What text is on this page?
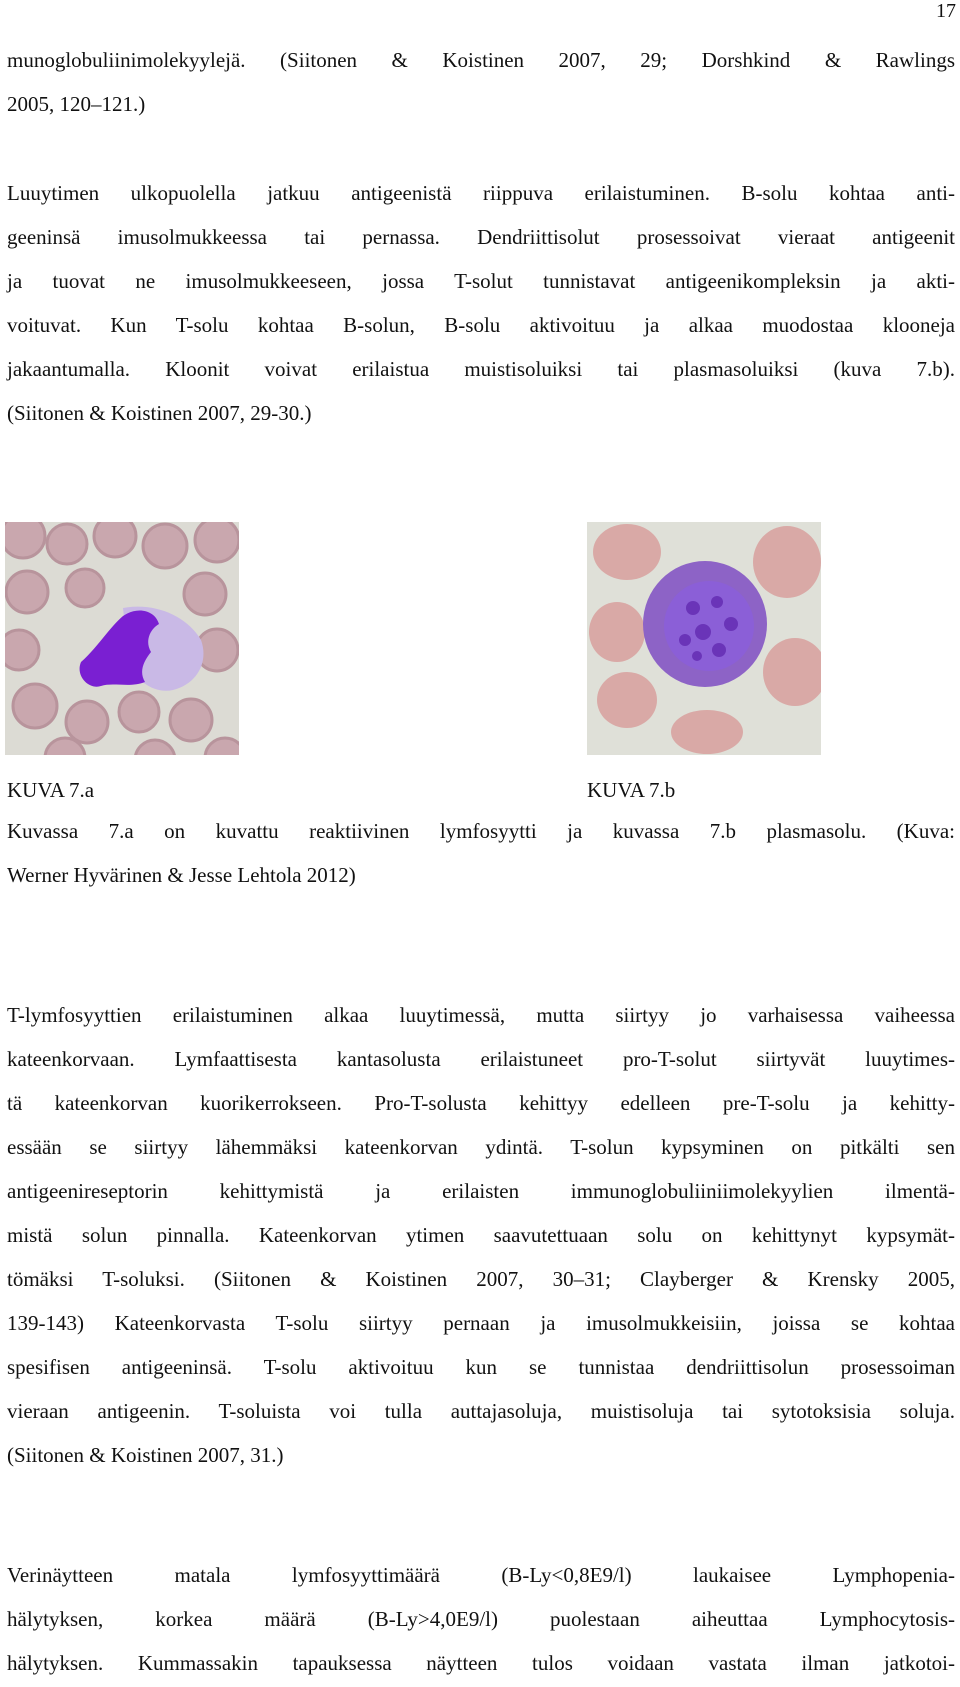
17
munoglobuliinimolekyylejä. (Siitonen & Koistinen 2007, 29; Dorshkind & Rawlings
2005, 120–121.)
Luuytimen ulkopuolella jatkuu antigeenistä riippuva erilaistuminen. B-solu kohtaa anti-
geeninsä imusolmukkeessa tai pernassa. Dendriittisolut prosessoivat vieraat antigeenit
ja tuovat ne imusolmukkeeseen, jossa T-solut tunnistavat antigeenikompleksin ja akti-
voituvat. Kun T-solu kohtaa B-solun, B-solu aktivoituu ja alkaa muodostaa klooneja
jakaantumalla. Kloonit voivat erilaistua muistisoluiksi tai plasmasoluiksi (kuva 7.b).
(Siitonen & Koistinen 2007, 29-30.)
KUVA 7.a	KUVA 7.b
Kuvassa 7.a on kuvattu reaktiivinen lymfosyytti ja kuvassa 7.b plasmasolu. (Kuva:
Werner Hyvärinen & Jesse Lehtola 2012)
T-lymfosyyttien erilaistuminen alkaa luuytimessä, mutta siirtyy jo varhaisessa vaiheessa
kateenkorvaan. Lymfaattisesta kantasolusta erilaistuneet pro-T-solut siirtyvät luuytimes-
tä kateenkorvan kuorikerrokseen. Pro-T-solusta kehittyy edelleen pre-T-solu ja kehitty-
essään se siirtyy lähemmäksi kateenkorvan ydintä. T-solun kypsyminen on pitkälti sen
antigeenireseptorin kehittymistä ja erilaisten immunoglobuliiniimolekyylien ilmentä-
mistä solun pinnalla. Kateenkorvan ytimen saavutettuaan solu on kehittynyt kypsymät-
tömäksi T-soluksi. (Siitonen & Koistinen 2007, 30–31; Clayberger & Krensky 2005,
139-143) Kateenkorvasta T-solu siirtyy pernaan ja imusolmukkeisiin, joissa se kohtaa
spesifisen antigeeninsä. T-solu aktivoituu kun se tunnistaa dendriittisolun prosessoiman
vieraan antigeenin. T-soluista voi tulla auttajasoluja, muistisoluja tai sytotoksisia soluja.
(Siitonen & Koistinen 2007, 31.)
Verinäytteen matala lymfosyyttimäärä (B-Ly<0,8E9/l) laukaisee Lymphopenia-
hälytyksen, korkea määrä (B-Ly>4,0E9/l) puolestaan aiheuttaa Lymphocytosis-
hälytyksen. Kummassakin tapauksessa näytteen tulos voidaan vastata ilman jatkotoi-
